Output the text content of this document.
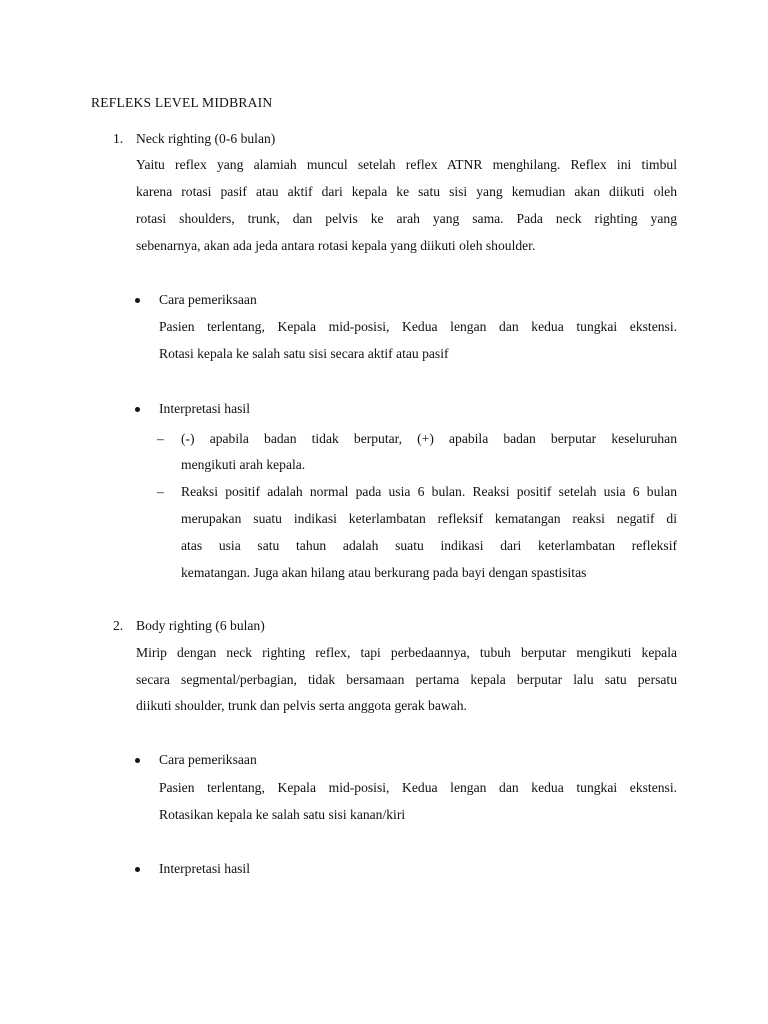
REFLEKS LEVEL MIDBRAIN
1. Neck righting (0-6 bulan)
Yaitu reflex yang alamiah muncul setelah reflex ATNR menghilang. Reflex ini timbul
karena rotasi pasif atau aktif dari kepala ke satu sisi yang kemudian akan diikuti oleh
rotasi shoulders, trunk, dan pelvis ke arah yang sama. Pada neck righting yang
sebenarnya, akan ada jeda antara rotasi kepala yang diikuti oleh shoulder.
Cara pemeriksaan
Pasien terlentang, Kepala mid-posisi, Kedua lengan dan kedua tungkai ekstensi.
Rotasi kepala ke salah satu sisi secara aktif atau pasif
Interpretasi hasil
– (-) apabila badan tidak berputar, (+) apabila badan berputar keseluruhan
mengikuti arah kepala.
– Reaksi positif adalah normal pada usia 6 bulan. Reaksi positif setelah usia 6 bulan
merupakan suatu indikasi keterlambatan refleksif kematangan reaksi negatif di
atas usia satu tahun adalah suatu indikasi dari keterlambatan refleksif
kematangan. Juga akan hilang atau berkurang pada bayi dengan spastisitas
2. Body righting (6 bulan)
Mirip dengan neck righting reflex, tapi perbedaannya, tubuh berputar mengikuti kepala
secara segmental/perbagian, tidak bersamaan pertama kepala berputar lalu satu persatu
diikuti shoulder, trunk dan pelvis serta anggota gerak bawah.
Cara pemeriksaan
Pasien terlentang, Kepala mid-posisi, Kedua lengan dan kedua tungkai ekstensi.
Rotasikan kepala ke salah satu sisi kanan/kiri
Interpretasi hasil
